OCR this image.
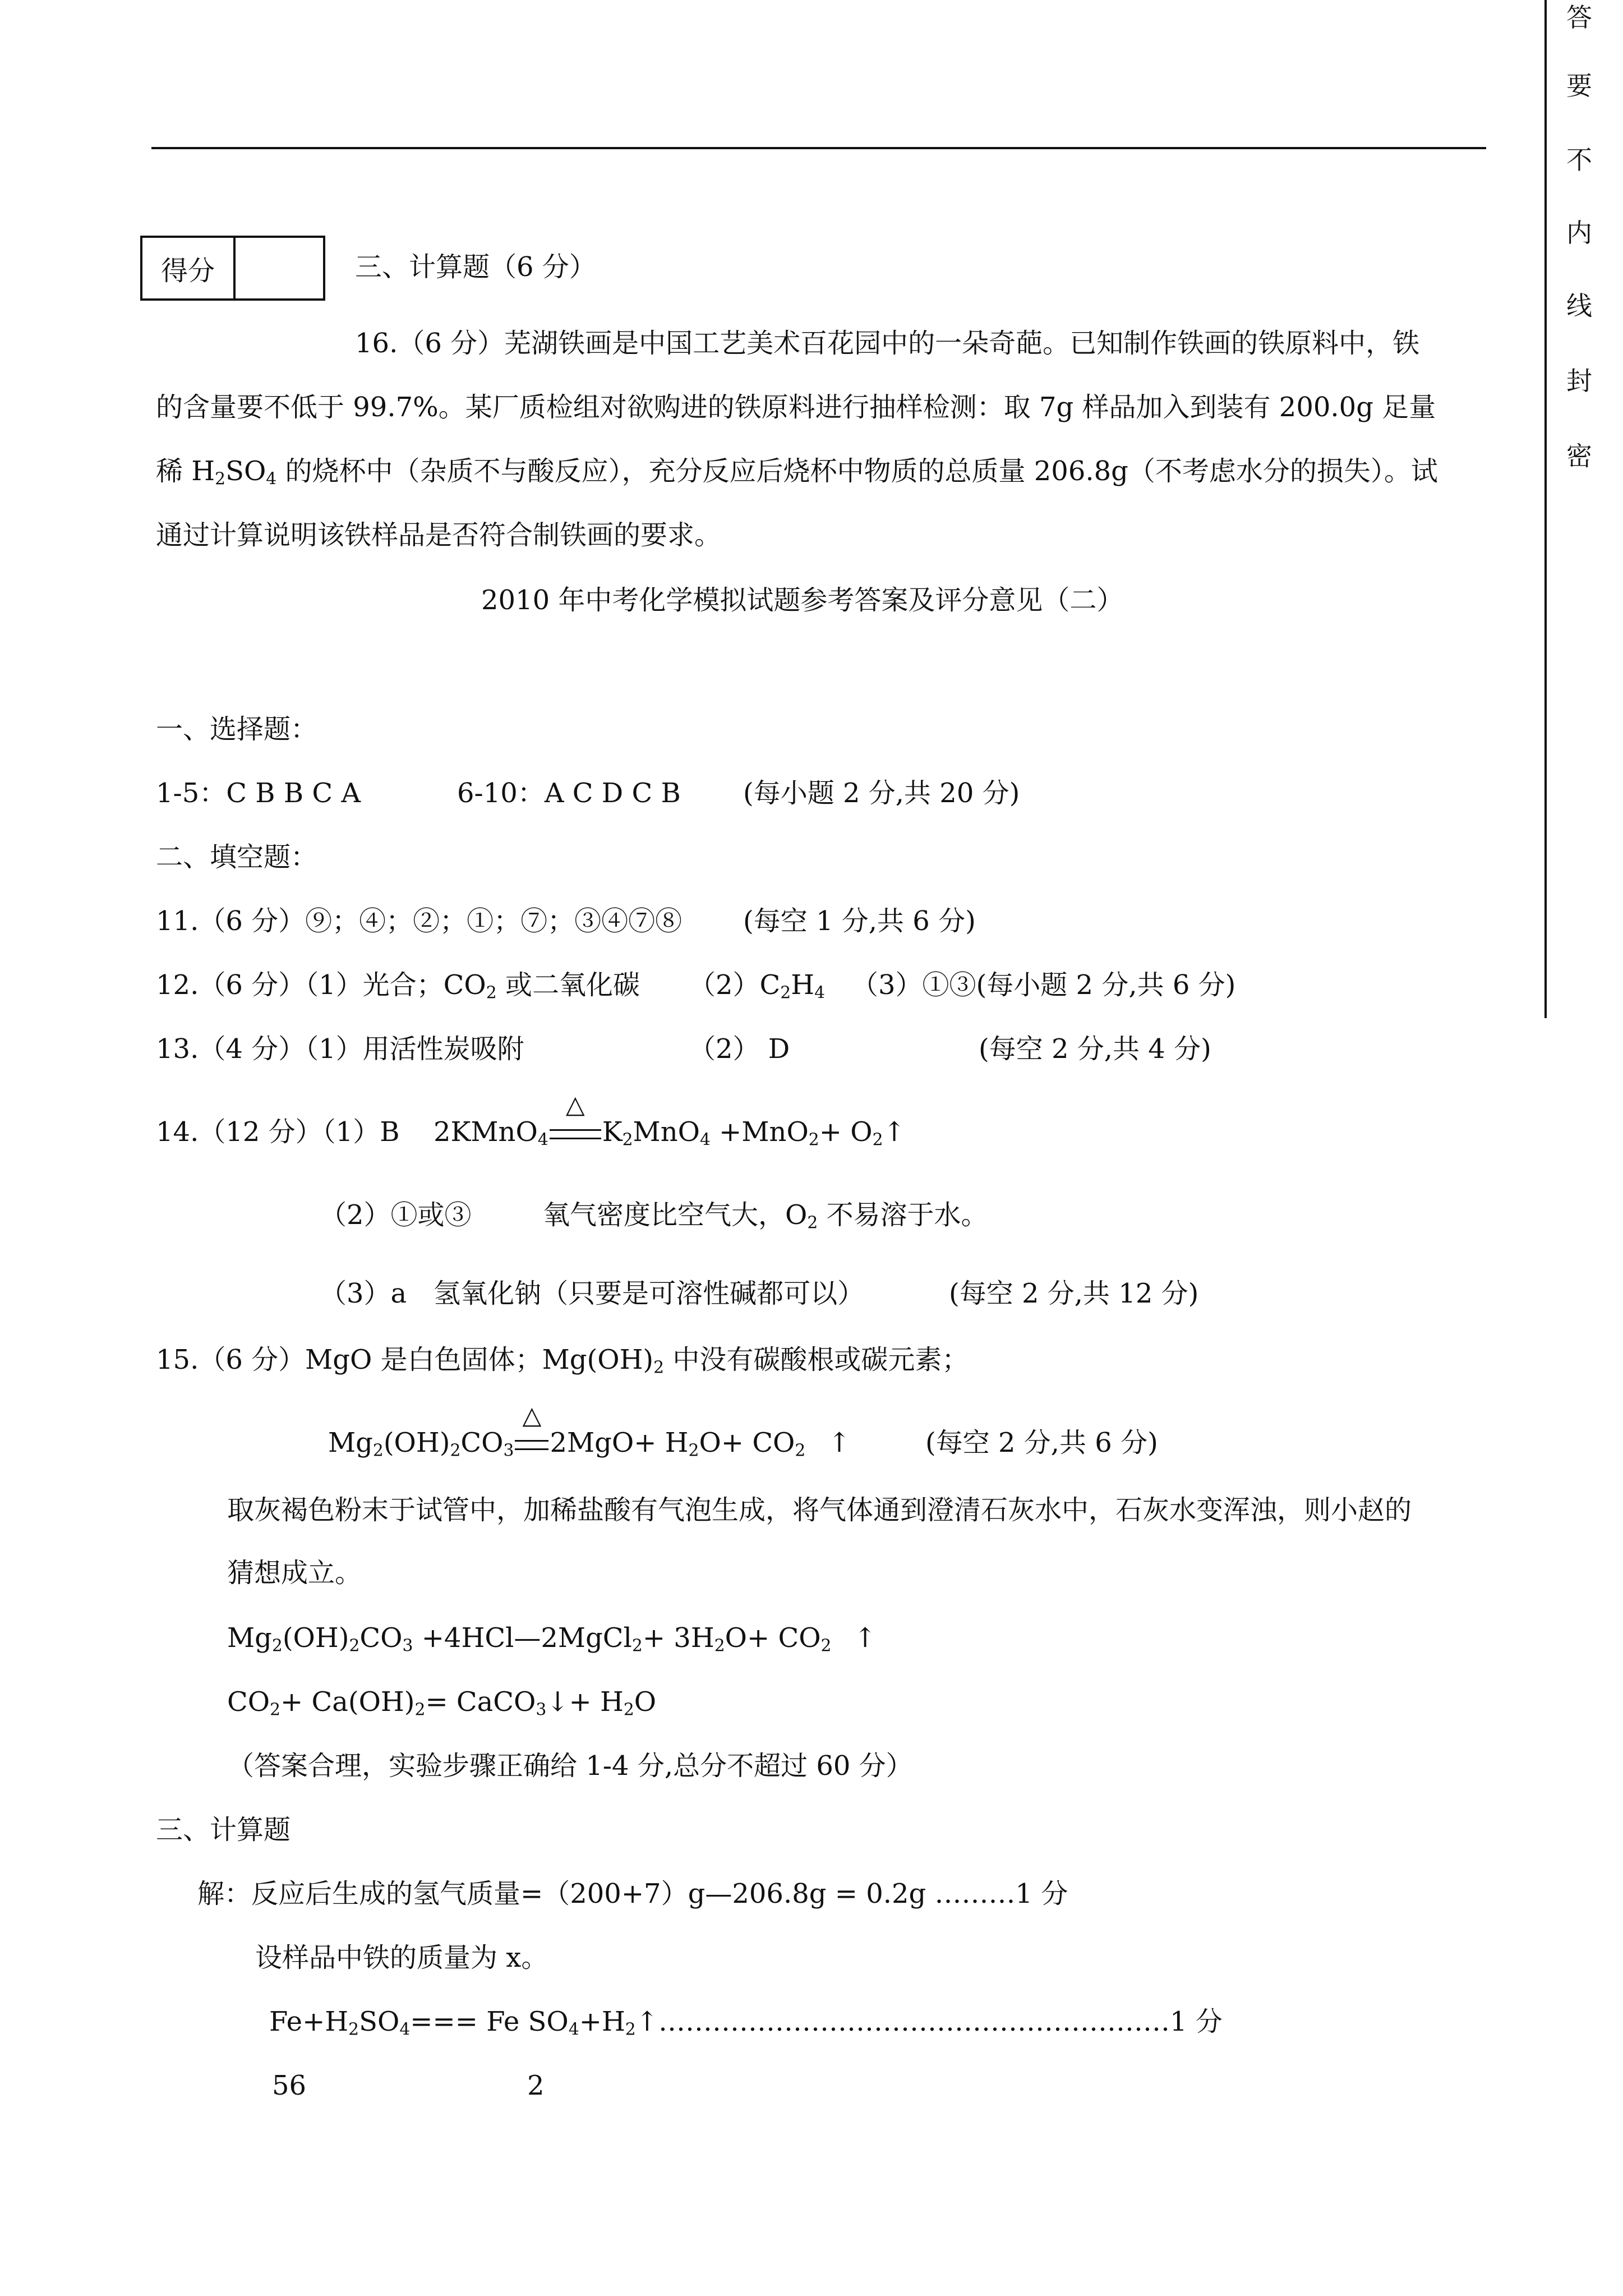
答
要
不
内
线
封
密
得分	三、计算题（6 分）
16.（6 分）芜湖铁画是中国工艺美术百花园中的一朵奇葩。已知制作铁画的铁原料中，铁
的含量要不低于 99.7%。某厂质检组对欲购进的铁原料进行抽样检测：取 7g 样品加入到装有 200.0g 足量
稀 $H_2SO_4$ 的烧杯中（杂质不与酸反应），充分反应后烧杯中物质的总质量 206.8g（不考虑水分的损失）。试
通过计算说明该铁样品是否符合制铁画的要求。
2010 年中考化学模拟试题参考答案及评分意见（二）
一、选择题：
1-5：C B B C A	6-10：A C D C B (每小题 2 分,共 20 分)
二、填空题：
11.（6 分）⑨；④；②；①；⑦；③④⑦⑧ (每空 1 分,共 6 分)
12.（6 分）（1）光合；$CO_2$ 或二氧化碳 $(2)C_2H_4$ （3）①③(每小题 2 分,共 6 分)
13.（4 分）（1）用活性炭吸附	（2） D	(每空 2 分,共 4 分)
14.（12 分）（1）B 2KMnO$_4$
△
$K_2MnO_4 +MnO_2+$ $O_2↑$
（2）①或③	氧气密度比空气大，$O_2$ 不易溶于水。
（3）a　氢氧化钠（只要是可溶性碱都可以）	(每空 2 分,共 12 分)
15.（6 分）MgO 是白色固体；$Mg(OH)_2$ 中没有碳酸根或碳元素；
$Mg_2(OH)_2CO_3$
△
$2MgO+ H_2O+ CO_2$ ↑	(每空 2 分,共 6 分)
取灰褐色粉末于试管中，加稀盐酸有气泡生成，将气体通到澄清石灰水中，石灰水变浑浊，则小赵的
猜想成立。
$Mg_2(OH)_2CO_3$ +4HCl—2MgCl$_2$+ $3H_2O+ CO_2$ ↑
$CO_2+ Ca(OH)_2=$ CaCO$_3$↓+ $H_2O$
（答案合理，实验步骤正确给 1-4 分,总分不超过 60 分）
三、计算题
解：反应后生成的氢气质量=（200+7）g—206.8g = 0.2g ………1 分
设样品中铁的质量为 x。
$Fe+H_2SO_4=== Fe$ $SO_4+H_2↑\dots\dots\dots\dots\dots\dots\dots\dots\dots\dots\dots\dots\dots\dots\dots\dots\dots\dots\dots 1$ 分
56	2
